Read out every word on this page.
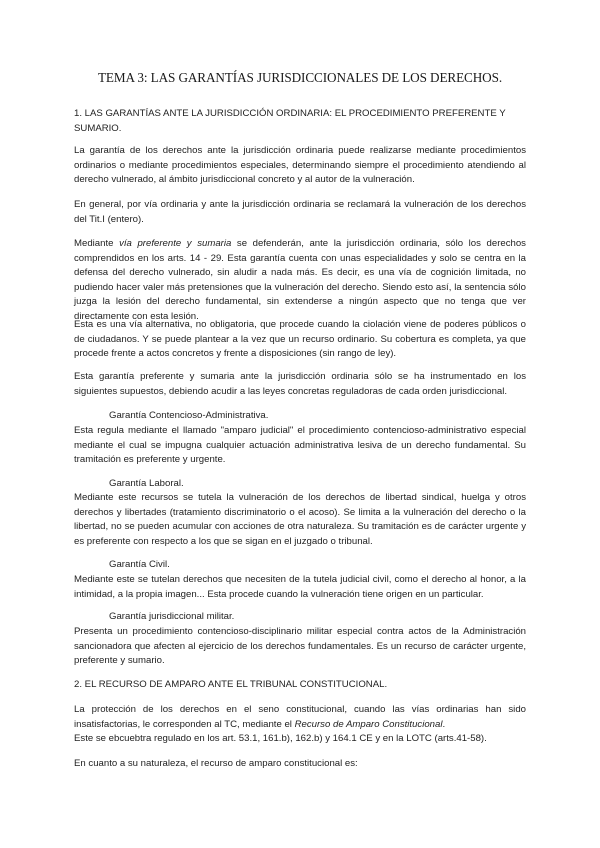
TEMA 3: LAS GARANTÍAS JURISDICCIONALES DE LOS DERECHOS.

1. LAS GARANTÍAS ANTE LA JURISDICCIÓN ORDINARIA: EL PROCEDIMIENTO PREFERENTE Y SUMARIO.

La garantía de los derechos ante la jurisdicción ordinaria puede realizarse mediante procedimientos ordinarios o mediante procedimientos especiales, determinando siempre el procedimiento atendiendo al derecho vulnerado, al ámbito jurisdiccional concreto y al autor de la vulneración.

En general, por vía ordinaria y ante la jurisdicción ordinaria se reclamará la vulneración de los derechos del Tit.I (entero).

Mediante vía preferente y sumaria se defenderán, ante la jurisdicción ordinaria, sólo los derechos comprendidos en los arts. 14 - 29. Esta garantía cuenta con unas especialidades y solo se centra en la defensa del derecho vulnerado, sin aludir a nada más. Es decir, es una vía de cognición limitada, no pudiendo hacer valer más pretensiones que la vulneración del derecho. Siendo esto así, la sentencia sólo juzga la lesión del derecho fundamental, sin extenderse a ningún aspecto que no tenga que ver directamente con esta lesión.

Esta es una vía alternativa, no obligatoria, que procede cuando la ciolación viene de poderes públicos o de ciudadanos. Y se puede plantear a la vez que un recurso ordinario. Su cobertura es completa, ya que procede frente a actos concretos y frente a disposiciones (sin rango de ley).

Esta garantía preferente y sumaria ante la jurisdicción ordinaria sólo se ha instrumentado en los siguientes supuestos, debiendo acudir a las leyes concretas reguladoras de cada orden jurisdiccional.

Garantía Contencioso-Administrativa.

Esta regula mediante el llamado "amparo judicial" el procedimiento contencioso-administrativo especial mediante el cual se impugna cualquier actuación administrativa lesiva de un derecho fundamental. Su tramitación es preferente y urgente.

Garantía Laboral.

Mediante este recursos se tutela la vulneración de los derechos de libertad sindical, huelga y otros derechos y libertades (tratamiento discriminatorio o el acoso). Se limita a la vulneración del derecho o la libertad, no se pueden acumular con acciones de otra naturaleza. Su tramitación es de carácter urgente y es preferente con respecto a los que se sigan en el juzgado o tribunal.

Garantía Civil.

Mediante este se tutelan derechos que necesiten de la tutela judicial civil, como el derecho al honor, a la intimidad, a la propia imagen... Esta procede cuando la vulneración tiene origen en un particular.

Garantía jurisdiccional militar.

Presenta un procedimiento contencioso-disciplinario militar especial contra actos de la Administración sancionadora que afecten al ejercicio de los derechos fundamentales. Es un recurso de carácter urgente, preferente y sumario.

2. EL RECURSO DE AMPARO ANTE EL TRIBUNAL CONSTITUCIONAL.

La protección de los derechos en el seno constitucional, cuando las vías ordinarias han sido insatisfactorias, le corresponden al TC, mediante el Recurso de Amparo Constitucional.
Este se ebcuebtra regulado en los art. 53.1, 161.b), 162.b) y 164.1 CE y en la LOTC (arts.41-58).

En cuanto a su naturaleza, el recurso de amparo constitucional es:
